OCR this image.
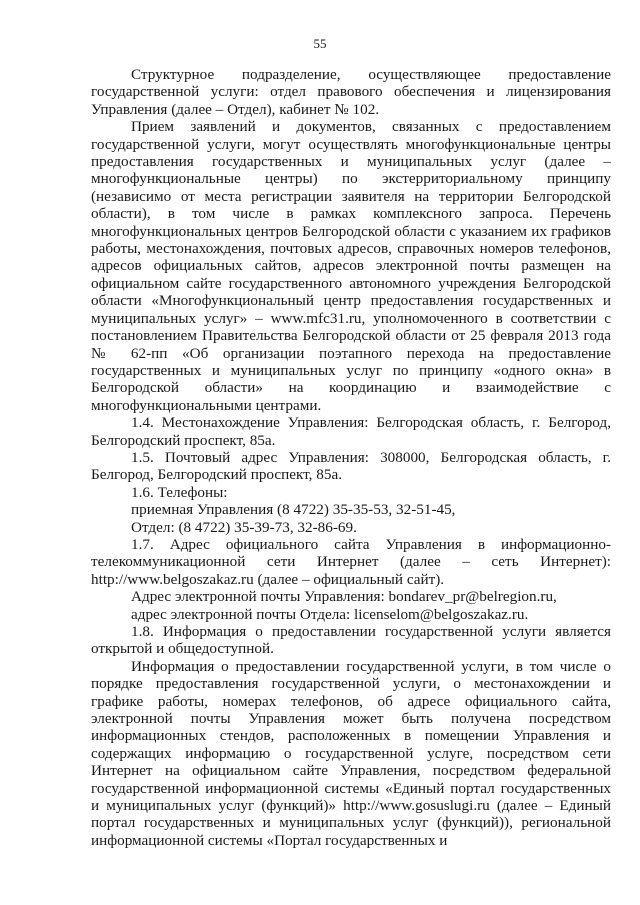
55

Структурное подразделение, осуществляющее предоставление государственной услуги: отдел правового обеспечения и лицензирования Управления (далее – Отдел), кабинет № 102.

Прием заявлений и документов, связанных с предоставлением государственной услуги, могут осуществлять многофункциональные центры предоставления государственных и муниципальных услуг (далее – многофункциональные центры) по экстерриториальному принципу (независимо от места регистрации заявителя на территории Белгородской области), в том числе в рамках комплексного запроса. Перечень многофункциональных центров Белгородской области с указанием их графиков работы, местонахождения, почтовых адресов, справочных номеров телефонов, адресов официальных сайтов, адресов электронной почты размещен на официальном сайте государственного автономного учреждения Белгородской области «Многофункциональный центр предоставления государственных и муниципальных услуг» – www.mfc31.ru, уполномоченного в соответствии с постановлением Правительства Белгородской области от 25 февраля 2013 года № 62-пп «Об организации поэтапного перехода на предоставление государственных и муниципальных услуг по принципу «одного окна» в Белгородской области» на координацию и взаимодействие с многофункциональными центрами.

1.4. Местонахождение Управления: Белгородская область, г. Белгород, Белгородский проспект, 85а.

1.5. Почтовый адрес Управления: 308000, Белгородская область, г. Белгород, Белгородский проспект, 85а.

1.6. Телефоны:

приемная Управления (8 4722) 35-35-53, 32-51-45,

Отдел: (8 4722) 35-39-73, 32-86-69.

1.7. Адрес официального сайта Управления в информационно-телекоммуникационной сети Интернет (далее – сеть Интернет): http://www.belgoszakaz.ru (далее – официальный сайт).

Адрес электронной почты Управления: bondarev_pr@belregion.ru,

адрес электронной почты Отдела: licenselom@belgoszakaz.ru.

1.8. Информация о предоставлении государственной услуги является открытой и общедоступной.

Информация о предоставлении государственной услуги, в том числе о порядке предоставления государственной услуги, о местонахождении и графике работы, номерах телефонов, об адресе официального сайта, электронной почты Управления может быть получена посредством информационных стендов, расположенных в помещении Управления и содержащих информацию о государственной услуге, посредством сети Интернет на официальном сайте Управления, посредством федеральной государственной информационной системы «Единый портал государственных и муниципальных услуг (функций)» http://www.gosuslugi.ru (далее – Единый портал государственных и муниципальных услуг (функций)), региональной информационной системы «Портал государственных и
